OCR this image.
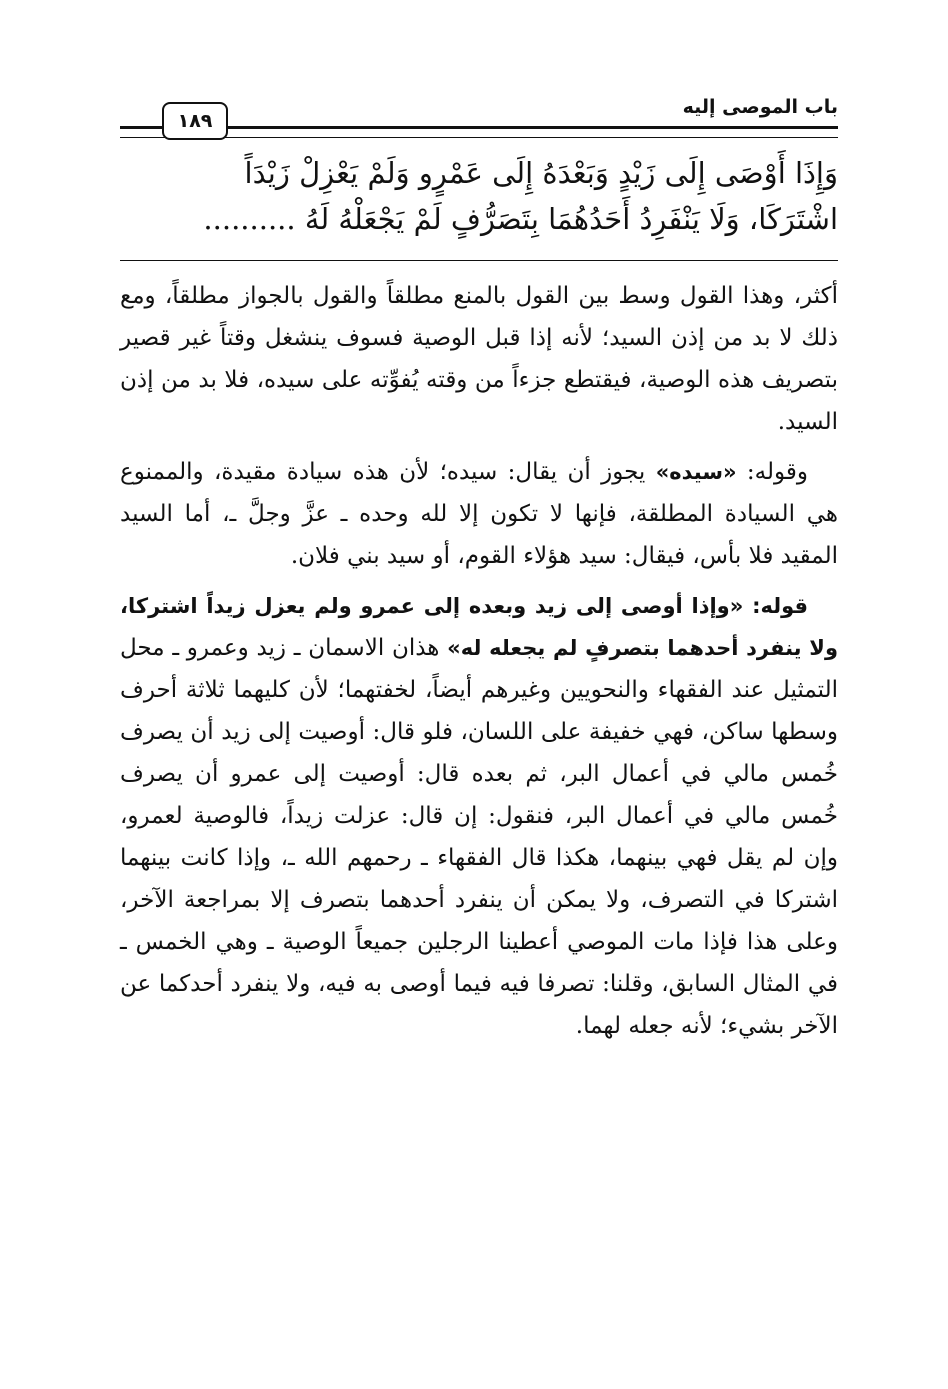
باب الموصى إليه
١٨٩
وَإِذَا أَوْصَى إِلَى زَيْدٍ وَبَعْدَهُ إِلَى عَمْرٍو وَلَمْ يَعْزِلْ زَيْدَاً
اشْتَرَكَا، وَلَا يَنْفَرِدُ أَحَدُهُمَا بِتَصَرُّفٍ لَمْ يَجْعَلْهُ لَهُ ..........

أكثر، وهذا القول وسط بين القول بالمنع مطلقاً والقول بالجواز مطلقاً، ومع ذلك لا بد من إذن السيد؛ لأنه إذا قبل الوصية فسوف ينشغل وقتاً غير قصير بتصريف هذه الوصية، فيقتطع جزءاً من وقته يُفوِّته على سيده، فلا بد من إذن السيد.

وقوله: «سيده» يجوز أن يقال: سيده؛ لأن هذه سيادة مقيدة، والممنوع هي السيادة المطلقة، فإنها لا تكون إلا لله وحده ـ عزَّ وجلَّ ـ، أما السيد المقيد فلا بأس، فيقال: سيد هؤلاء القوم، أو سيد بني فلان.

قوله: «وإذا أوصى إلى زيد وبعده إلى عمرو ولم يعزل زيداً اشتركا، ولا ينفرد أحدهما بتصرفٍ لم يجعله له» هذان الاسمان ـ زيد وعمرو ـ محل التمثيل عند الفقهاء والنحويين وغيرهم أيضاً، لخفتهما؛ لأن كليهما ثلاثة أحرف وسطها ساكن، فهي خفيفة على اللسان، فلو قال: أوصيت إلى زيد أن يصرف خُمس مالي في أعمال البر، ثم بعده قال: أوصيت إلى عمرو أن يصرف خُمس مالي في أعمال البر، فنقول: إن قال: عزلت زيداً، فالوصية لعمرو، وإن لم يقل فهي بينهما، هكذا قال الفقهاء ـ رحمهم الله ـ، وإذا كانت بينهما اشتركا في التصرف، ولا يمكن أن ينفرد أحدهما بتصرف إلا بمراجعة الآخر، وعلى هذا فإذا مات الموصي أعطينا الرجلين جميعاً الوصية ـ وهي الخمس ـ في المثال السابق، وقلنا: تصرفا فيه فيما أوصى به فيه، ولا ينفرد أحدكما عن الآخر بشيء؛ لأنه جعله لهما.
